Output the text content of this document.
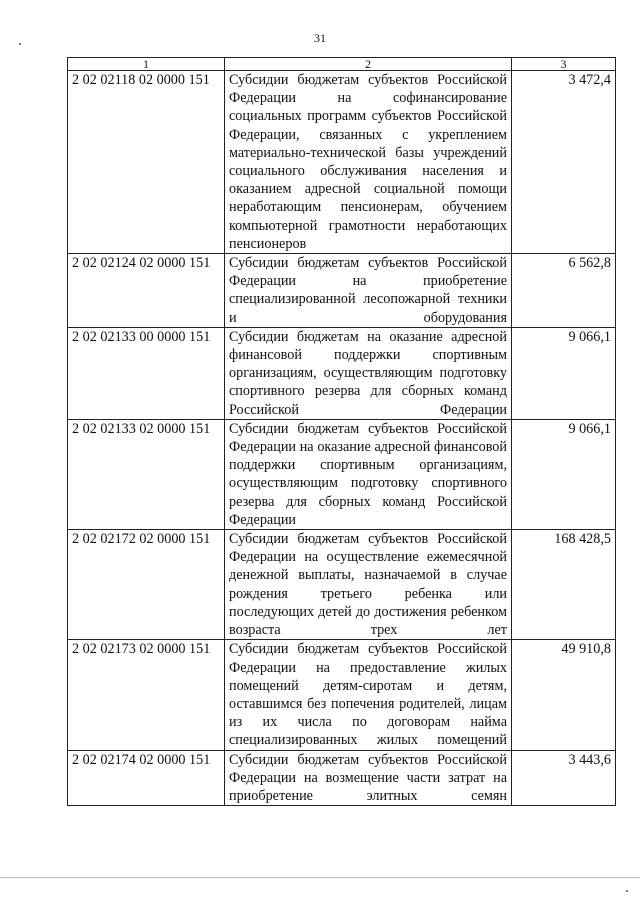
31
1	2	3
2 02 02118 02 0000 151	Субсидии бюджетам субъектов Российской Федерации на софинансирование социальных программ субъектов Российской Федерации, связанных с укреплением материально-технической базы учреждений социального обслуживания населения и оказанием адресной социальной помощи неработающим пенсионерам, обучением компьютерной грамотности неработающих пенсионеров	3 472,4
2 02 02124 02 0000 151	Субсидии бюджетам субъектов Российской Федерации на приобретение специализированной лесопожарной техники и оборудования	6 562,8
2 02 02133 00 0000 151	Субсидии бюджетам на оказание адресной финансовой поддержки спортивным организациям, осуществляющим подготовку спортивного резерва для сборных команд Российской Федерации	9 066,1
2 02 02133 02 0000 151	Субсидии бюджетам субъектов Российской Федерации на оказание адресной финансовой поддержки спортивным организациям, осуществляющим подготовку спортивного резерва для сборных команд Российской Федерации	9 066,1
2 02 02172 02 0000 151	Субсидии бюджетам субъектов Российской Федерации на осуществление ежемесячной денежной выплаты, назначаемой в случае рождения третьего ребенка или последующих детей до достижения ребенком возраста трех лет	168 428,5
2 02 02173 02 0000 151	Субсидии бюджетам субъектов Российской Федерации на предоставление жилых помещений детям-сиротам и детям, оставшимся без попечения родителей, лицам из их числа по договорам найма специализированных жилых помещений	49 910,8
2 02 02174 02 0000 151	Субсидии бюджетам субъектов Российской Федерации на возмещение части затрат на приобретение элитных семян	3 443,6
